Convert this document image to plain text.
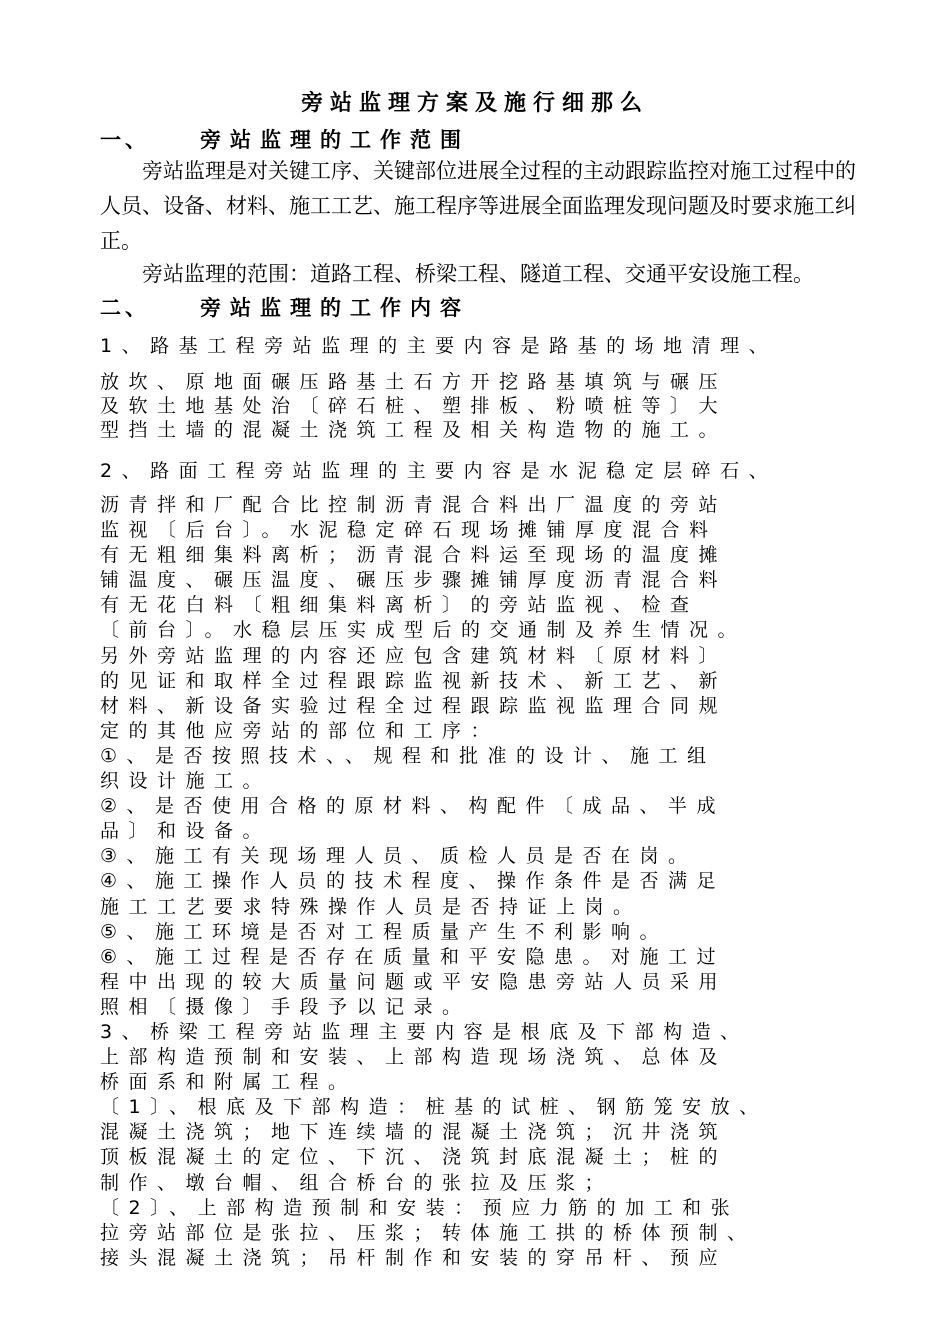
旁站监理方案及施行细那么
一、 旁站监理的工作范围
旁站监理是对关键工序、关键部位进展全过程的主动跟踪监控对施工过程中的人员、设备、材料、施工工艺、施工程序等进展全面监理发现问题及时要求施工纠正。
旁站监理的范围：道路工程、桥梁工程、隧道工程、交通平安设施工程。
二、 旁站监理的工作内容
1、路基工程旁站监理的主要内容是路基的场地清理、
放坎、原地面碾压路基土石方开挖路基填筑与碾压
及软土地基处治〔碎石桩、塑排板、粉喷桩等〕大
型挡土墙的混凝土浇筑工程及相关构造物的施工。
2、路面工程旁站监理的主要内容是水泥稳定层碎石、
沥青拌和厂配合比控制沥青混合料出厂温度的旁站
监视〔后台〕。水泥稳定碎石现场摊铺厚度混合料
有无粗细集料离析；沥青混合料运至现场的温度摊
铺温度、碾压温度、碾压步骤摊铺厚度沥青混合料
有无花白料〔粗细集料离析〕的旁站监视、检查
〔前台〕。水稳层压实成型后的交通制及养生情况。
另外旁站监理的内容还应包含建筑材料〔原材料〕
的见证和取样全过程跟踪监视新技术、新工艺、新
材料、新设备实验过程全过程跟踪监视监理合同规
定的其他应旁站的部位和工序：
①、是否按照技术、、规程和批准的设计、施工组
织设计施工。
②、是否使用合格的原材料、构配件〔成品、半成
品〕和设备。
③、施工有关现场理人员、质检人员是否在岗。
④、施工操作人员的技术程度、操作条件是否满足
施工工艺要求特殊操作人员是否持证上岗。
⑤、施工环境是否对工程质量产生不利影响。
⑥、施工过程是否存在质量和平安隐患。对施工过
程中出现的较大质量问题或平安隐患旁站人员采用
照相〔摄像〕手段予以记录。
3、桥梁工程旁站监理主要内容是根底及下部构造、
上部构造预制和安装、上部构造现场浇筑、总体及
桥面系和附属工程。
〔1〕、根底及下部构造：桩基的试桩、钢筋笼安放、
混凝土浇筑；地下连续墙的混凝土浇筑；沉井浇筑
顶板混凝土的定位、下沉、浇筑封底混凝土；桩的
制作、墩台帽、组合桥台的张拉及压浆；
〔2〕、上部构造预制和安装：预应力筋的加工和张
拉旁站部位是张拉、压浆；转体施工拱的桥体预制、
接头混凝土浇筑；吊杆制作和安装的穿吊杆、预应
